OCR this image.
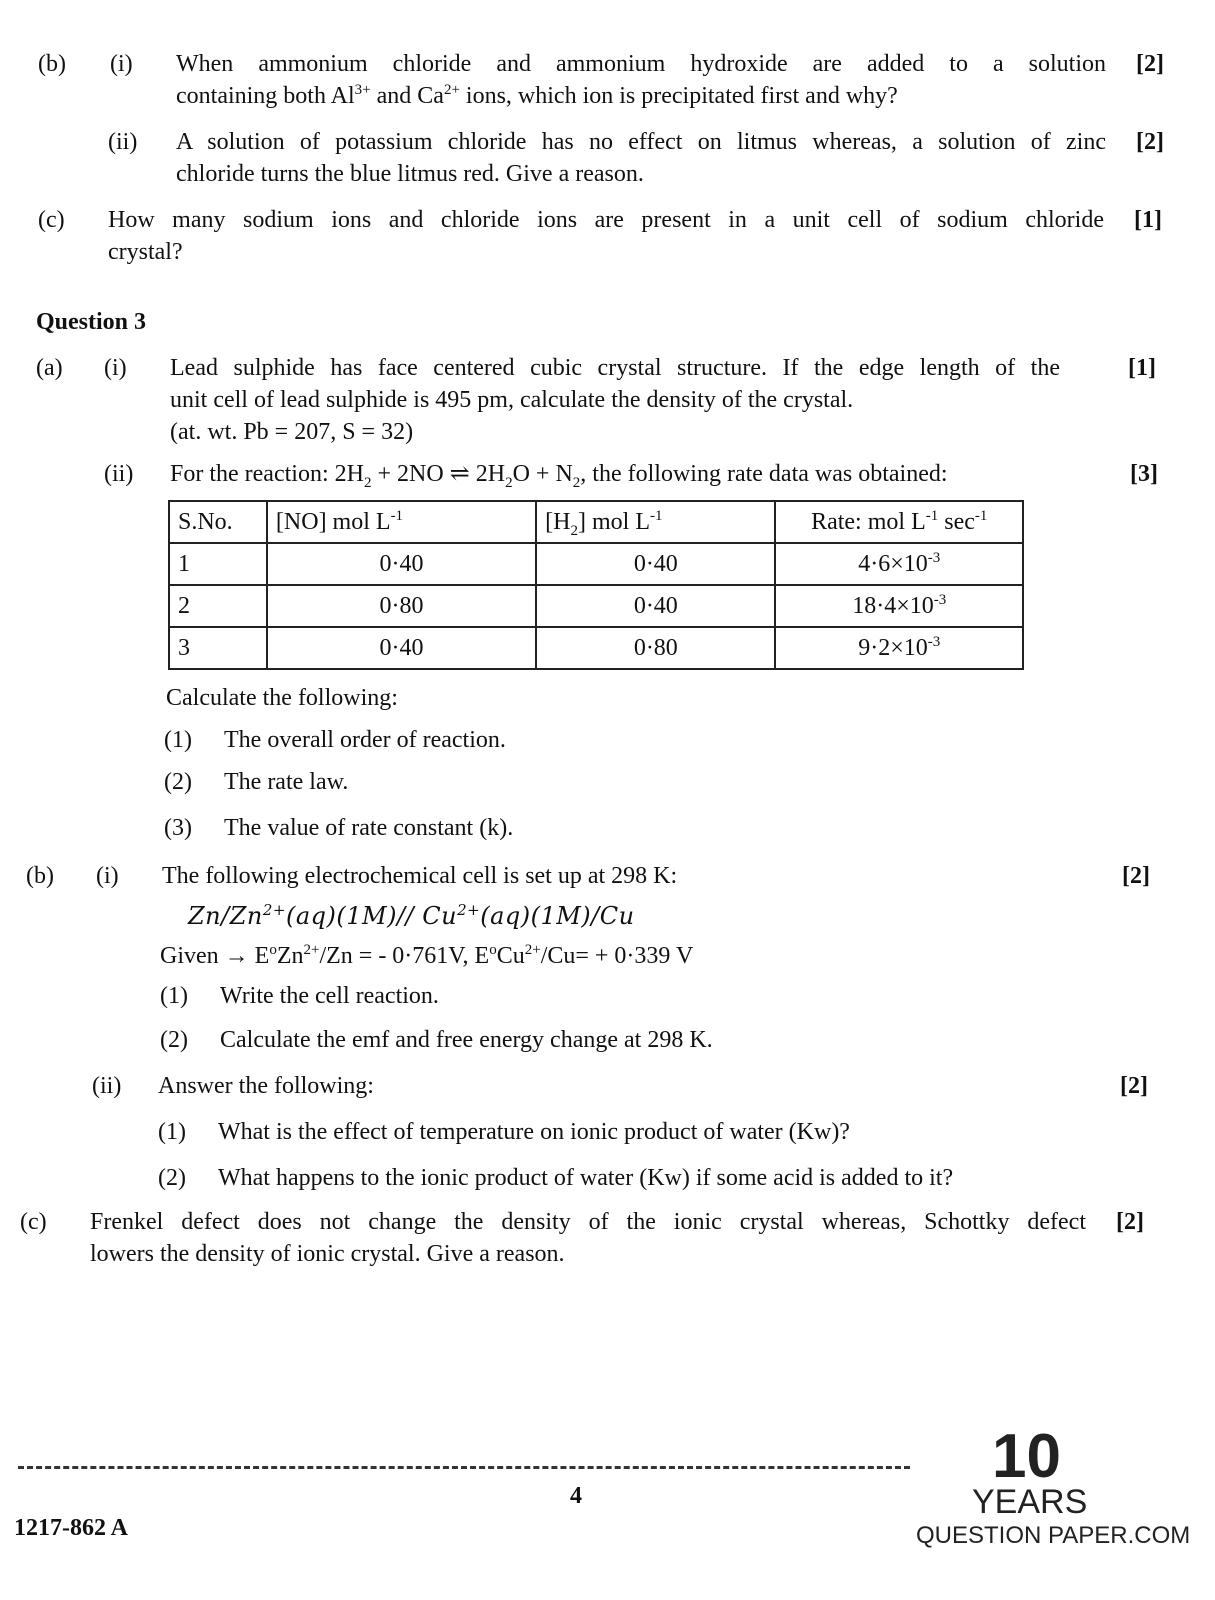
(b) (i) When ammonium chloride and ammonium hydroxide are added to a solution
containing both $Al^{3+}$ and $Ca^{2+}$ ions, which ion is precipitated first and why?
[2]
(ii) A solution of potassium chloride has no effect on litmus whereas, a solution of zinc
chloride turns the blue litmus red. Give a reason.
[2]
(c) How many sodium ions and chloride ions are present in a unit cell of sodium chloride
crystal?
[1]
Question 3
(a) (i) Lead sulphide has face centered cubic crystal structure. If the edge length of the
unit cell of lead sulphide is 495 pm, calculate the density of the crystal.
(at. wt. Pb = 207, S = 32)
[1]
(ii) For the reaction: $2H_2 + 2NO$ ⇌ $2H_2O + N_2$, the following rate data was obtained:	[3]
S.No.	[NO] mol $L^{-1}$	$[H_2]$ mol $L^{-1}$	Rate: mol $L^{-1}$ $\sec^{-1}$
1	0·40	0·40	$4\cdot 6\times 10^{-3}$
2	0·80	0·40	$18\cdot 4\times 10^{-3}$
3	0·40	0·80	$9\cdot 2\times 10^{-3}$
Calculate the following:
(1) The overall order of reaction.
(2) The rate law.
(3) The value of rate constant (k).
(b) (i) The following electrochemical cell is set up at 298 K:	[2]
$Zn/Zn^{2+}(aq)(1M)//$ $Cu^{2+}(aq)(1M)/Cu$
Given → $E^oZn^{2+}/Zn$ = - 0·761V, $E^oCu^{2+}/Cu= + 0\cdot 339$ V
(1) Write the cell reaction.
(2) Calculate the emf and free energy change at 298 K.
(ii) Answer the following:	[2]
(1) What is the effect of temperature on ionic product of water (Kw)?
(2) What happens to the ionic product of water (Kw) if some acid is added to it?
(c) Frenkel defect does not change the density of the ionic crystal whereas, Schottky defect
lowers the density of ionic crystal. Give a reason.
[2]
4
1217-862 A
10
YEARS
QUESTION PAPER.COM
